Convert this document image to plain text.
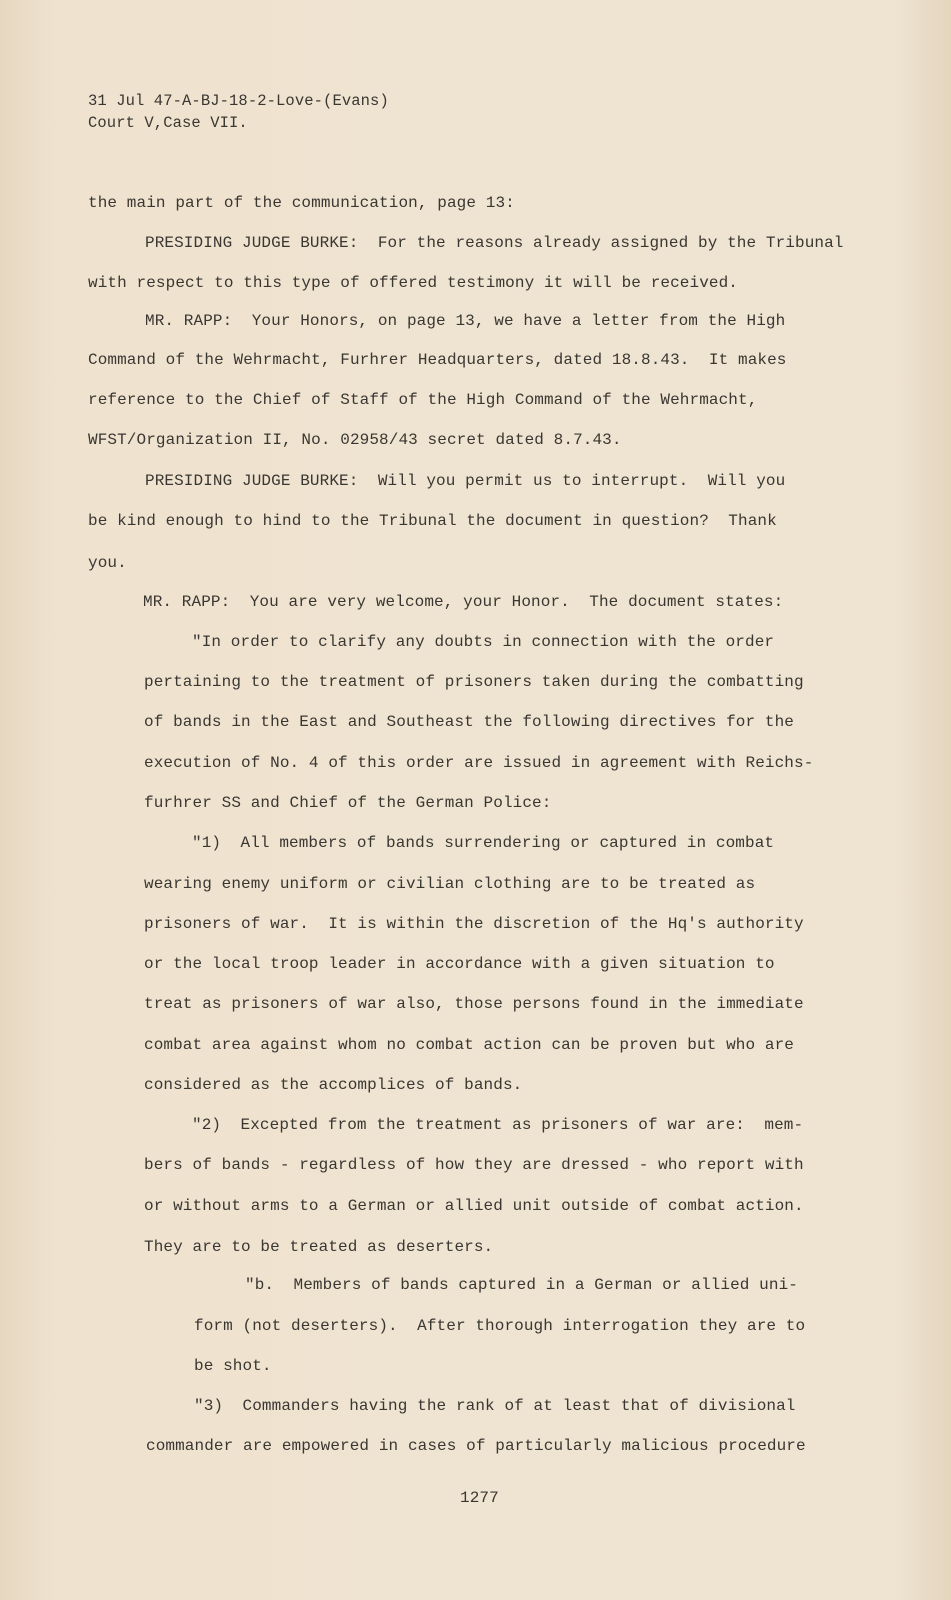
31 Jul 47-A-BJ-18-2-Love-(Evans)
Court V,Case VII.
the main part of the communication, page 13:
PRESIDING JUDGE BURKE:  For the reasons already assigned by the Tribunal
with respect to this type of offered testimony it will be received.
MR. RAPP:  Your Honors, on page 13, we have a letter from the High
Command of the Wehrmacht, Furhrer Headquarters, dated 18.8.43.  It makes
reference to the Chief of Staff of the High Command of the Wehrmacht,
WFST/Organization II, No. 02958/43 secret dated 8.7.43.
PRESIDING JUDGE BURKE:  Will you permit us to interrupt.  Will you
be kind enough to hind to the Tribunal the document in question?  Thank
you.
MR. RAPP:  You are very welcome, your Honor.  The document states:
"In order to clarify any doubts in connection with the order
pertaining to the treatment of prisoners taken during the combatting
of bands in the East and Southeast the following directives for the
execution of No. 4 of this order are issued in agreement with Reichs-
furhrer SS and Chief of the German Police:
"1)  All members of bands surrendering or captured in combat
wearing enemy uniform or civilian clothing are to be treated as
prisoners of war.  It is within the discretion of the Hq's authority
or the local troop leader in accordance with a given situation to
treat as prisoners of war also, those persons found in the immediate
combat area against whom no combat action can be proven but who are
considered as the accomplices of bands.
"2)  Excepted from the treatment as prisoners of war are:  mem-
bers of bands - regardless of how they are dressed - who report with
or without arms to a German or allied unit outside of combat action.
They are to be treated as deserters.
"b.  Members of bands captured in a German or allied uni-
form (not deserters).  After thorough interrogation they are to
be shot.
"3)  Commanders having the rank of at least that of divisional
commander are empowered in cases of particularly malicious procedure
1277
